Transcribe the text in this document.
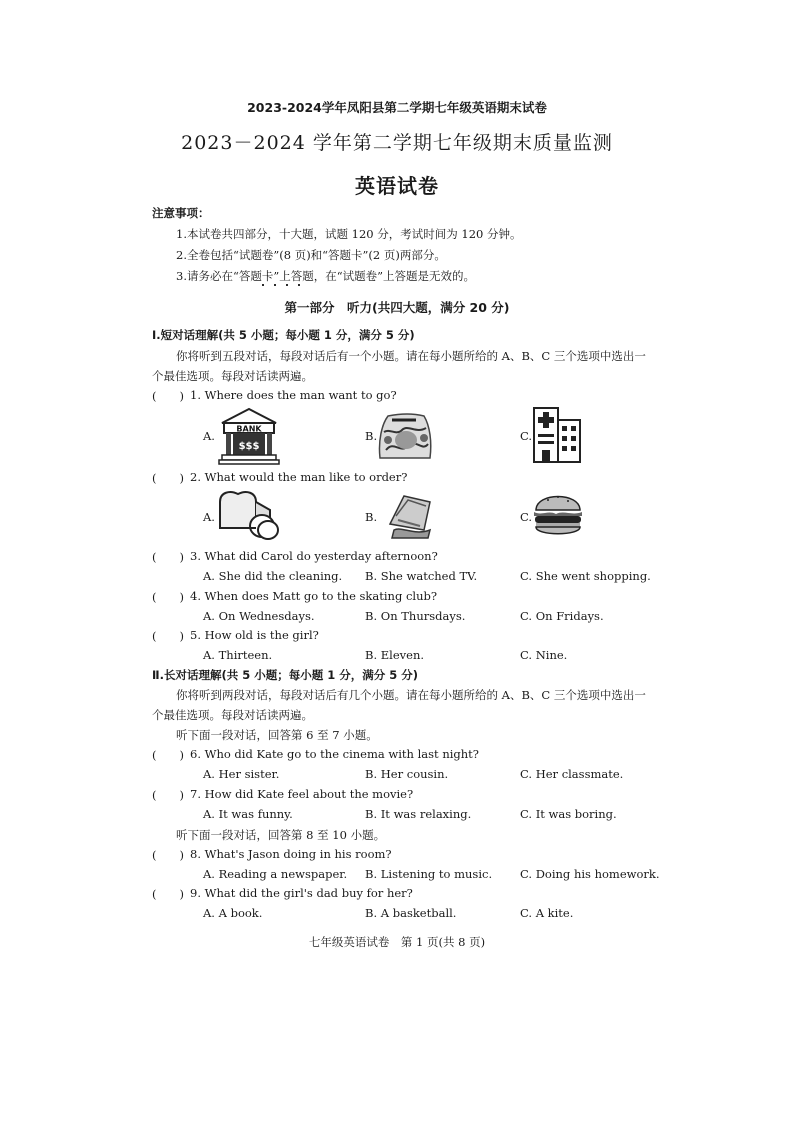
2023-2024学年凤阳县第二学期七年级英语期末试卷
2023－2024 学年第二学期七年级期末质量监测
英语试卷
注意事项：
1.本试卷共四部分，十大题，试题 120 分，考试时间为 120 分钟。
2.全卷包括“试题卷”(8 页)和“答题卡”(2 页)两部分。
3.请务必在“答题卡”上答题，在“试题卷”上答题是无效的。
第一部分　听力(共四大题，满分 20 分)
Ⅰ.短对话理解(共 5 小题；每小题 1 分，满分 5 分)
你将听到五段对话，每段对话后有一个小题。请在每小题所给的 A、B、C 三个选项中选出一
个最佳选项。每段对话读两遍。
(　　) 1. Where does the man want to go?
A.	B.	C.
BANK
$$$
(　　) 2. What would the man like to order?
A.	B.	C.
(　　) 3. What did Carol do yesterday afternoon?
A. She did the cleaning. B. She watched TV.	C. She went shopping.
(　　) 4. When does Matt go to the skating club?
A. On Wednesdays.	B. On Thursdays.	C. On Fridays.
(　　) 5. How old is the girl?
A. Thirteen.	B. Eleven.	C. Nine.
Ⅱ.长对话理解(共 5 小题；每小题 1 分，满分 5 分)
你将听到两段对话，每段对话后有几个小题。请在每小题所给的 A、B、C 三个选项中选出一
个最佳选项。每段对话读两遍。
听下面一段对话，回答第 6 至 7 小题。
(　　) 6. Who did Kate go to the cinema with last night?
A. Her sister.	B. Her cousin.	C. Her classmate.
(　　) 7. How did Kate feel about the movie?
A. It was funny.	B. It was relaxing.	C. It was boring.
听下面一段对话，回答第 8 至 10 小题。
(　　) 8. What's Jason doing in his room?
A. Reading a newspaper. B. Listening to music. C. Doing his homework.
(　　) 9. What did the girl's dad buy for her?
A. A book.	B. A basketball.	C. A kite.
七年级英语试卷　第 1 页(共 8 页)
